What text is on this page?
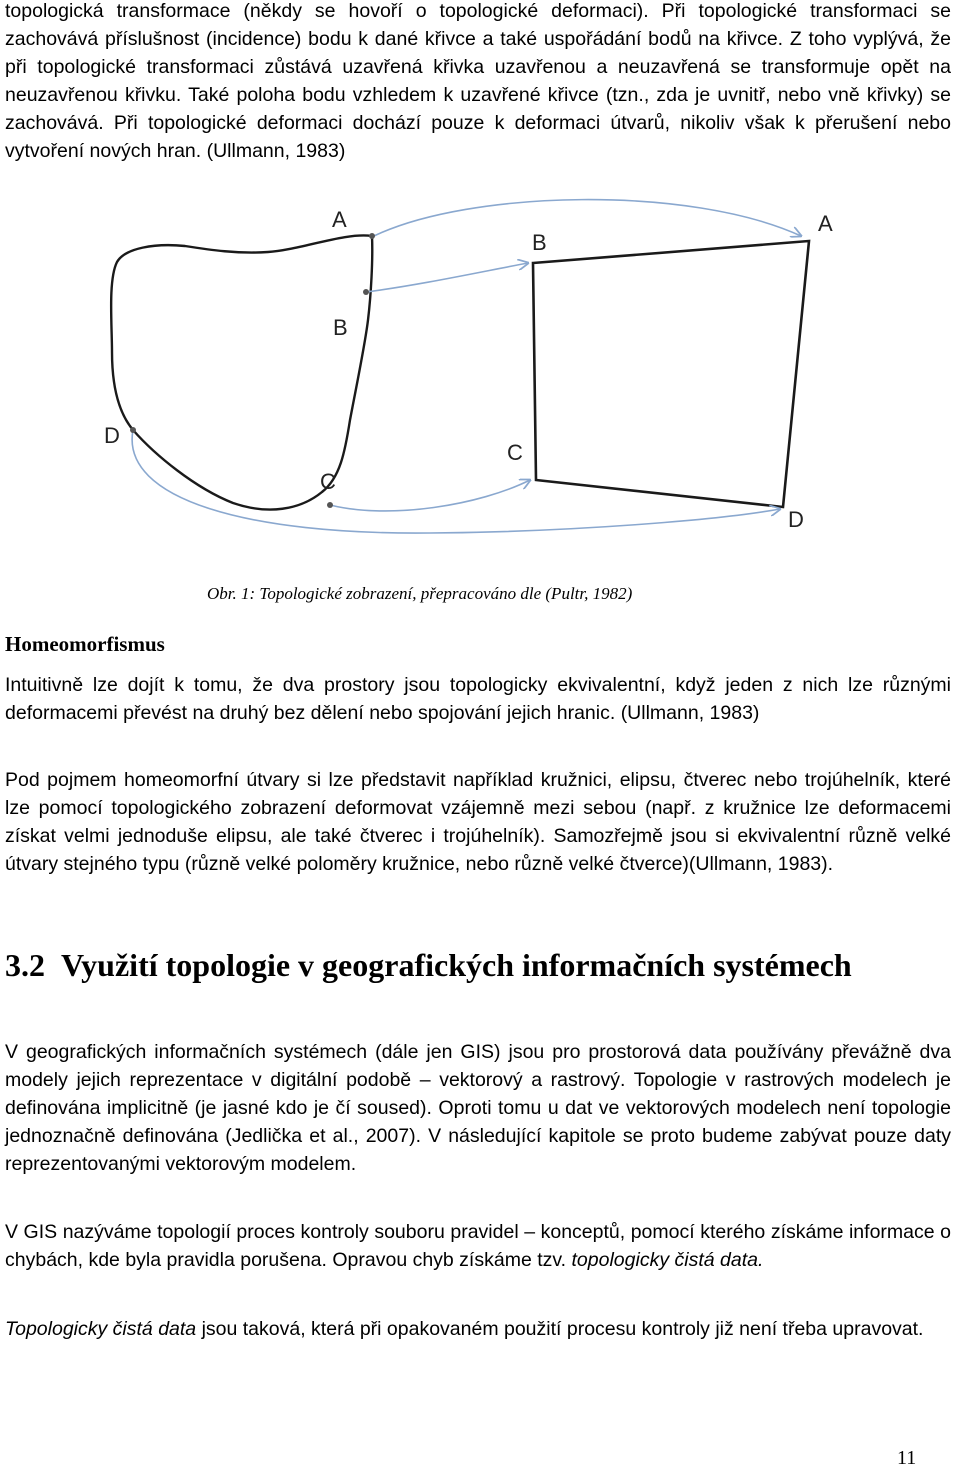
topologická transformace (někdy se hovoří o topologické deformaci). Při topologické transformaci se zachovává příslušnost (incidence) bodu k dané křivce a také uspořádání bodů na křivce. Z toho vyplývá, že při topologické transformaci zůstává uzavřená křivka uzavřenou a neuzavřená se transformuje opět na neuzavřenou křivku. Také poloha bodu vzhledem k uzavřené křivce (tzn., zda je uvnitř, nebo vně křivky) se zachovává. Při topologické deformaci dochází pouze k deformaci útvarů, nikoliv však k přerušení nebo vytvoření nových hran. (Ullmann, 1983)

A
B
C
D
A
B
C
D

Obr. 1: Topologické zobrazení, přepracováno dle (Pultr, 1982)

Homeomorfismus

Intuitivně lze dojít k tomu, že dva prostory jsou topologicky ekvivalentní, když jeden z nich lze různými deformacemi převést na druhý bez dělení nebo spojování jejich hranic. (Ullmann, 1983)

Pod pojmem homeomorfní útvary si lze představit například kružnici, elipsu, čtverec nebo trojúhelník, které lze pomocí topologického zobrazení deformovat vzájemně mezi sebou (např. z kružnice lze deformacemi získat velmi jednoduše elipsu, ale také čtverec i trojúhelník). Samozřejmě jsou si ekvivalentní různě velké útvary stejného typu (různě velké poloměry kružnice, nebo různě velké čtverce)(Ullmann, 1983).

3.2 Využití topologie v geografických informačních systémech

V geografických informačních systémech (dále jen GIS) jsou pro prostorová data používány převážně dva modely jejich reprezentace v digitální podobě – vektorový a rastrový. Topologie v rastrových modelech je definována implicitně (je jasné kdo je čí soused). Oproti tomu u dat ve vektorových modelech není topologie jednoznačně definována (Jedlička et al., 2007). V následující kapitole se proto budeme zabývat pouze daty reprezentovanými vektorovým modelem.

V GIS nazýváme topologií proces kontroly souboru pravidel – konceptů, pomocí kterého získáme informace o chybách, kde byla pravidla porušena. Opravou chyb získáme tzv. topologicky čistá data.

Topologicky čistá data jsou taková, která při opakovaném použití procesu kontroly již není třeba upravovat.

11
